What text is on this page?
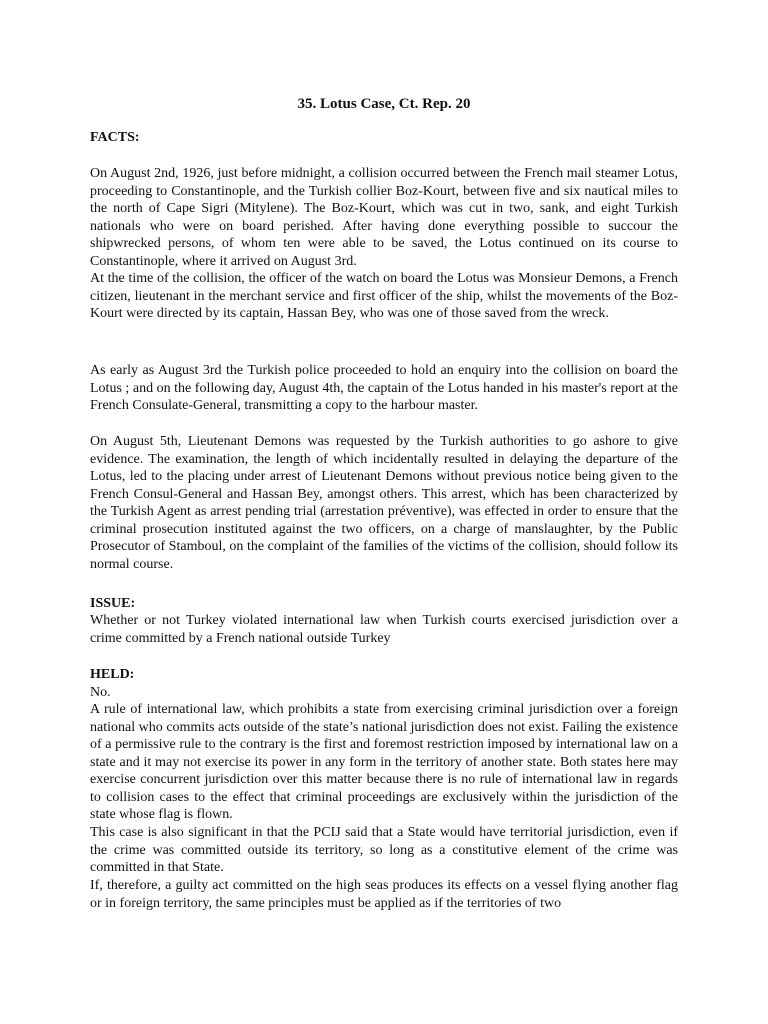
35. Lotus Case, Ct. Rep. 20
FACTS:

On August 2nd, 1926, just before midnight, a collision occurred between the French mail steamer Lotus, proceeding to Constantinople, and the Turkish collier Boz-Kourt, between five and six nautical miles to the north of Cape Sigri (Mitylene). The Boz-Kourt, which was cut in two, sank, and eight Turkish nationals who were on board perished. After having done everything possible to succour the shipwrecked persons, of whom ten were able to be saved, the Lotus continued on its course to Constantinople, where it arrived on August 3rd.

At the time of the collision, the officer of the watch on board the Lotus was Monsieur Demons, a French citizen, lieutenant in the merchant service and first officer of the ship, whilst the movements of the Boz-Kourt were directed by its captain, Hassan Bey, who was one of those saved from the wreck.

As early as August 3rd the Turkish police proceeded to hold an enquiry into the collision on board the Lotus ; and on the following day, August 4th, the captain of the Lotus handed in his master's report at the French Consulate-General, transmitting a copy to the harbour master.

On August 5th, Lieutenant Demons was requested by the Turkish authorities to go ashore to give evidence. The examination, the length of which incidentally resulted in delaying the departure of the Lotus, led to the placing under arrest of Lieutenant Demons without previous notice being given to the French Consul-General and Hassan Bey, amongst others. This arrest, which has been characterized by the Turkish Agent as arrest pending trial (arrestation préventive), was effected in order to ensure that the criminal prosecution instituted against the two officers, on a charge of manslaughter, by the Public Prosecutor of Stamboul, on the complaint of the families of the victims of the collision, should follow its normal course.

ISSUE:

Whether or not Turkey violated international law when Turkish courts exercised jurisdiction over a crime committed by a French national outside Turkey

HELD:

No.

A rule of international law, which prohibits a state from exercising criminal jurisdiction over a foreign national who commits acts outside of the state’s national jurisdiction does not exist. Failing the existence of a permissive rule to the contrary is the first and foremost restriction imposed by international law on a state and it may not exercise its power in any form in the territory of another state. Both states here may exercise concurrent jurisdiction over this matter because there is no rule of international law in regards to collision cases to the effect that criminal proceedings are exclusively within the jurisdiction of the state whose flag is flown.

This case is also significant in that the PCIJ said that a State would have territorial jurisdiction, even if the crime was committed outside its territory, so long as a constitutive element of the crime was committed in that State.

If, therefore, a guilty act committed on the high seas produces its effects on a vessel flying another flag or in foreign territory, the same principles must be applied as if the territories of two
